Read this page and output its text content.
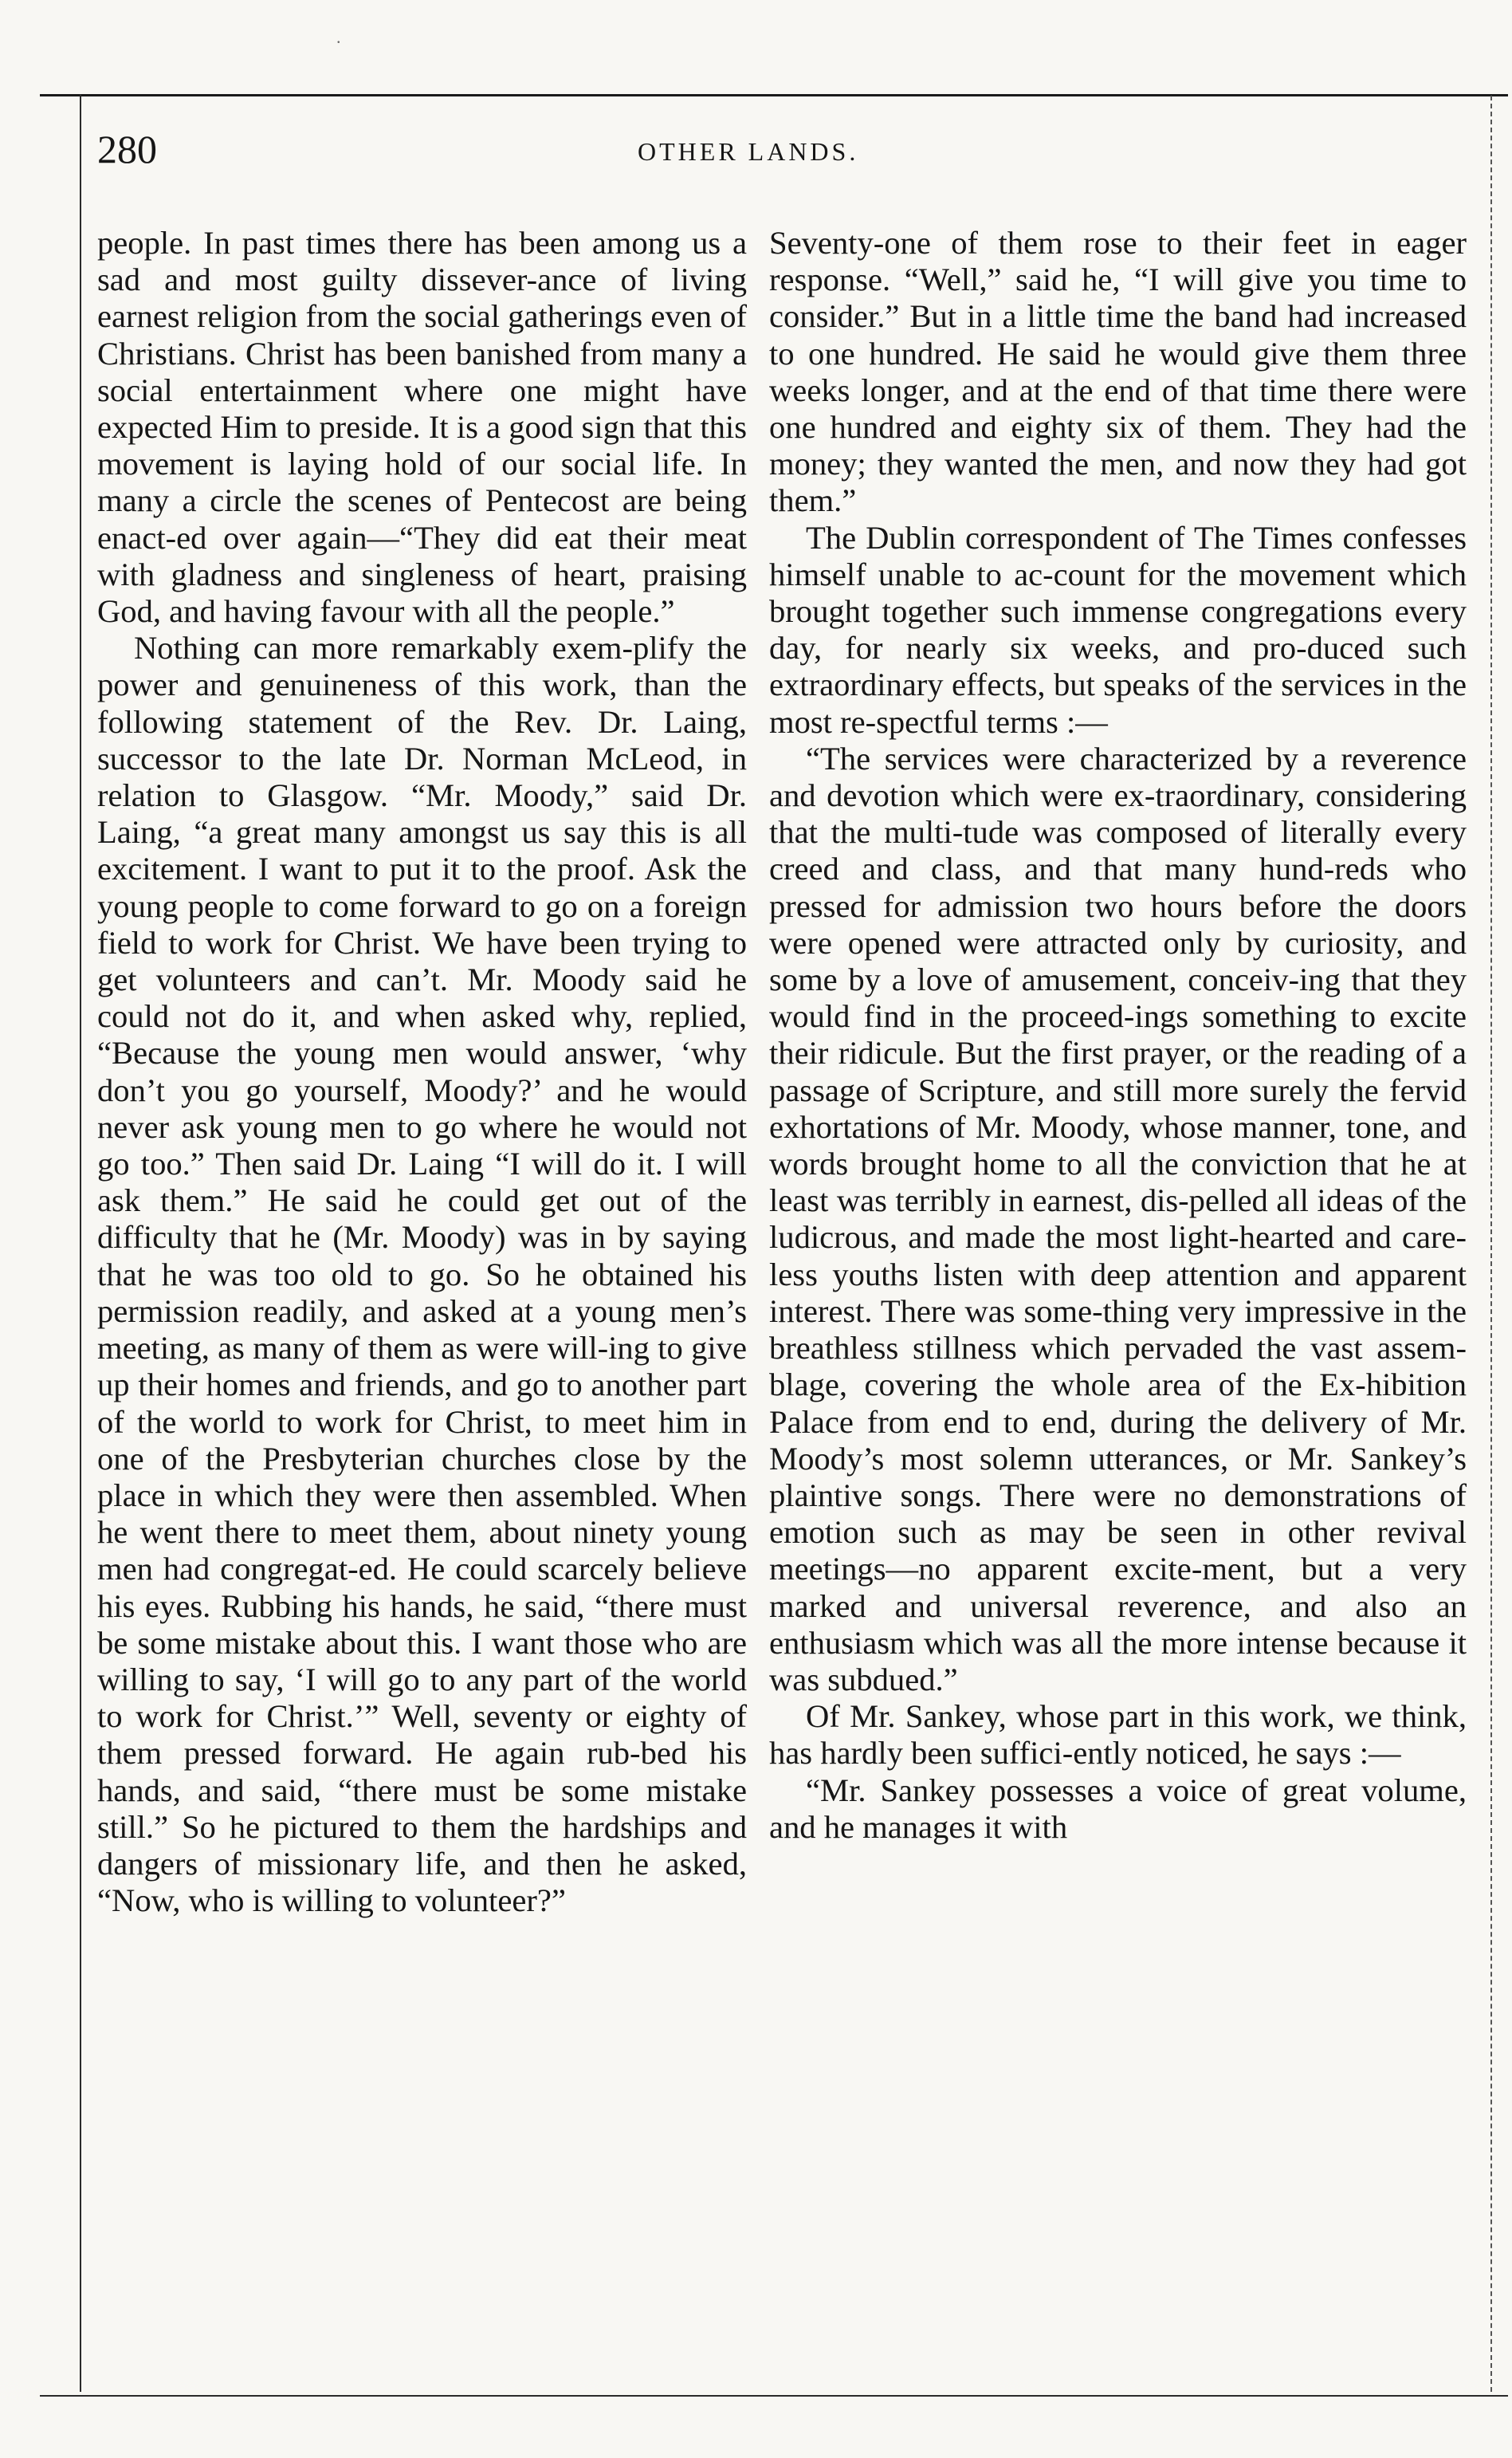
.
280	OTHER LANDS.

people. In past times there has been among us a sad and most guilty dissever-ance of living earnest religion from the social gatherings even of Christians. Christ has been banished from many a social entertainment where one might have expected Him to preside. It is a good sign that this movement is laying hold of our social life. In many a circle the scenes of Pentecost are being enact-ed over again—“They did eat their meat with gladness and singleness of heart, praising God, and having favour with all the people.”

Nothing can more remarkably exem-plify the power and genuineness of this work, than the following statement of the Rev. Dr. Laing, successor to the late Dr. Norman McLeod, in relation to Glasgow. “Mr. Moody,” said Dr. Laing, “a great many amongst us say this is all excitement. I want to put it to the proof. Ask the young people to come forward to go on a foreign field to work for Christ. We have been trying to get volunteers and can’t. Mr. Moody said he could not do it, and when asked why, replied, “Because the young men would answer, ‘why don’t you go yourself, Moody?’ and he would never ask young men to go where he would not go too.” Then said Dr. Laing “I will do it. I will ask them.” He said he could get out of the difficulty that he (Mr. Moody) was in by saying that he was too old to go. So he obtained his permission readily, and asked at a young men’s meeting, as many of them as were will-ing to give up their homes and friends, and go to another part of the world to work for Christ, to meet him in one of the Presbyterian churches close by the place in which they were then assembled. When he went there to meet them, about ninety young men had congregat-ed. He could scarcely believe his eyes. Rubbing his hands, he said, “there must be some mistake about this. I want those who are willing to say, ‘I will go to any part of the world to work for Christ.’” Well, seventy or eighty of them pressed forward. He again rub-bed his hands, and said, “there must be some mistake still.” So he pictured to them the hardships and dangers of missionary life, and then he asked, “Now, who is willing to volunteer?”

Seventy-one of them rose to their feet in eager response. “Well,” said he, “I will give you time to consider.” But in a little time the band had increased to one hundred. He said he would give them three weeks longer, and at the end of that time there were one hundred and eighty six of them. They had the money; they wanted the men, and now they had got them.”

The Dublin correspondent of The Times confesses himself unable to ac-count for the movement which brought together such immense congregations every day, for nearly six weeks, and pro-duced such extraordinary effects, but speaks of the services in the most re-spectful terms :—

“The services were characterized by a reverence and devotion which were ex-traordinary, considering that the multi-tude was composed of literally every creed and class, and that many hund-reds who pressed for admission two hours before the doors were opened were attracted only by curiosity, and some by a love of amusement, conceiv-ing that they would find in the proceed-ings something to excite their ridicule. But the first prayer, or the reading of a passage of Scripture, and still more surely the fervid exhortations of Mr. Moody, whose manner, tone, and words brought home to all the conviction that he at least was terribly in earnest, dis-pelled all ideas of the ludicrous, and made the most light-hearted and care-less youths listen with deep attention and apparent interest. There was some-thing very impressive in the breathless stillness which pervaded the vast assem-blage, covering the whole area of the Ex-hibition Palace from end to end, during the delivery of Mr. Moody’s most solemn utterances, or Mr. Sankey’s plaintive songs. There were no demonstrations of emotion such as may be seen in other revival meetings—no apparent excite-ment, but a very marked and universal reverence, and also an enthusiasm which was all the more intense because it was subdued.”

Of Mr. Sankey, whose part in this work, we think, has hardly been suffici-ently noticed, he says :—

“Mr. Sankey possesses a voice of great volume, and he manages it with
